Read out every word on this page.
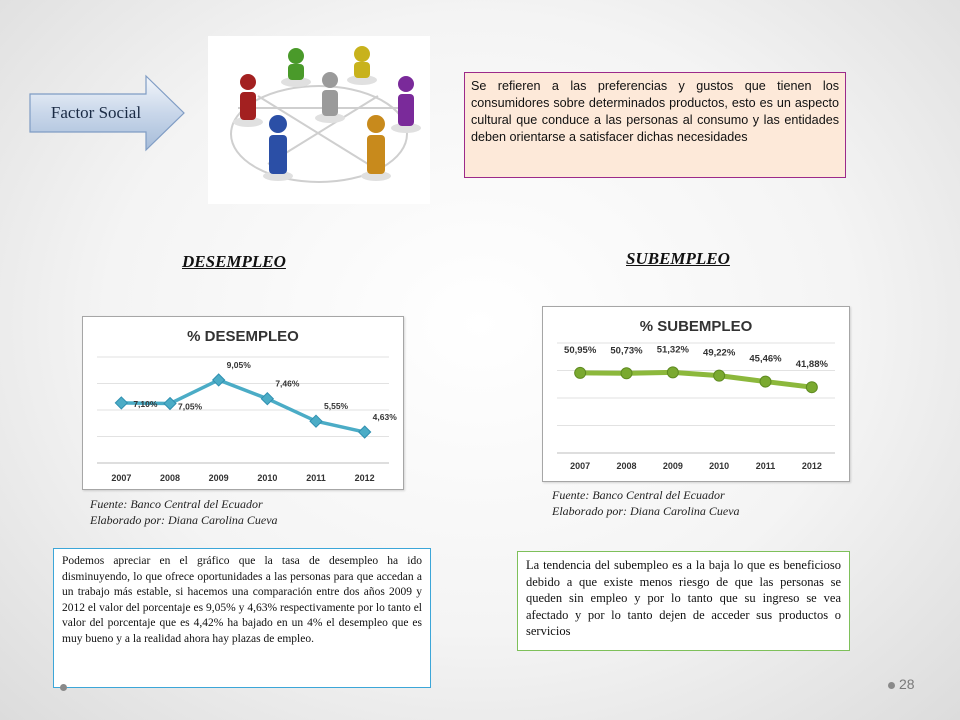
Factor Social
Se refieren a las preferencias y gustos que tienen los consumidores sobre determinados productos, esto es un aspecto cultural que conduce a las personas al consumo y las entidades deben orientarse a satisfacer dichas necesidades
DESEMPLEO	SUBEMPLEO
% DESEMPLEO
7,10%
2007
7,05%
2008
9,05%
2009
7,46%
2010
5,55%
2011
4,63%
2012
% SUBEMPLEO
50,95%
2007
50,73%
2008
51,32%
2009
49,22%
2010
45,46%
2011
41,88%
2012
Fuente: Banco Central del Ecuador
Elaborado por: Diana Carolina Cueva
Fuente: Banco Central del Ecuador
Elaborado por: Diana Carolina Cueva
Podemos apreciar en el gráfico que la tasa de desempleo ha ido disminuyendo, lo que ofrece oportunidades a las personas para que accedan a un trabajo más estable, si hacemos una comparación entre dos años 2009 y 2012 el valor del porcentaje es 9,05% y 4,63% respectivamente por lo tanto el valor del porcentaje que es 4,42% ha bajado en un 4% el desempleo que es muy bueno y a la realidad ahora hay plazas de empleo.
La tendencia del subempleo es a la baja lo que es beneficioso debido a que existe menos riesgo de que las personas se queden sin empleo y por lo tanto que su ingreso se vea afectado y por lo tanto dejen de acceder sus productos o servicios
28
